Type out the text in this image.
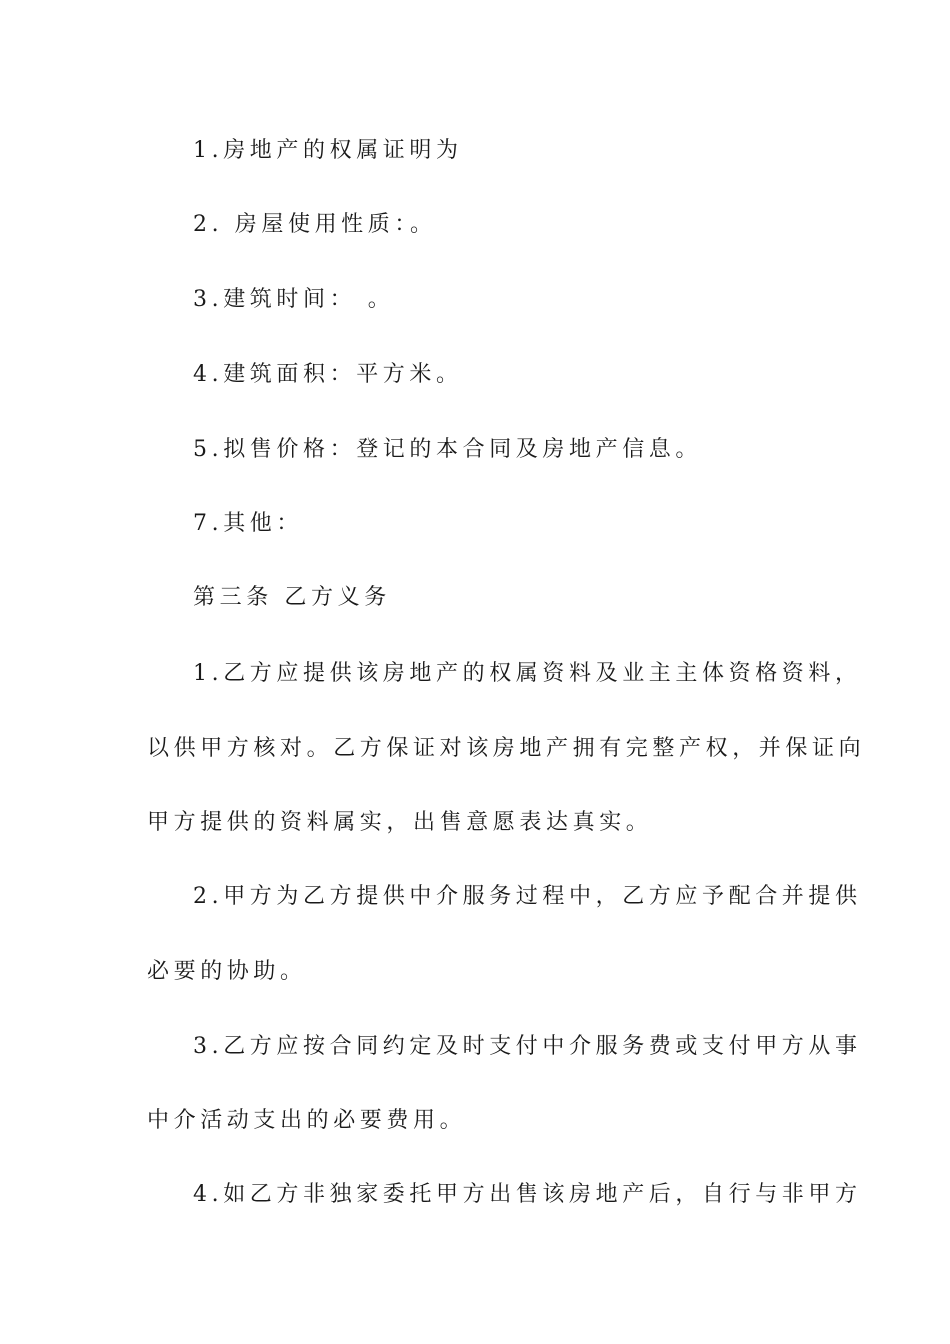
1.房地产的权属证明为

2. 房屋使用性质：。

3.建筑时间： 。

4.建筑面积：平方米。

5.拟售价格：登记的本合同及房地产信息。

7.其他：

第三条 乙方义务

1.乙方应提供该房地产的权属资料及业主主体资格资料，

以供甲方核对。乙方保证对该房地产拥有完整产权，并保证向

甲方提供的资料属实，出售意愿表达真实。

2.甲方为乙方提供中介服务过程中，乙方应予配合并提供

必要的协助。

3.乙方应按合同约定及时支付中介服务费或支付甲方从事

中介活动支出的必要费用。

4.如乙方非独家委托甲方出售该房地产后，自行与非甲方
